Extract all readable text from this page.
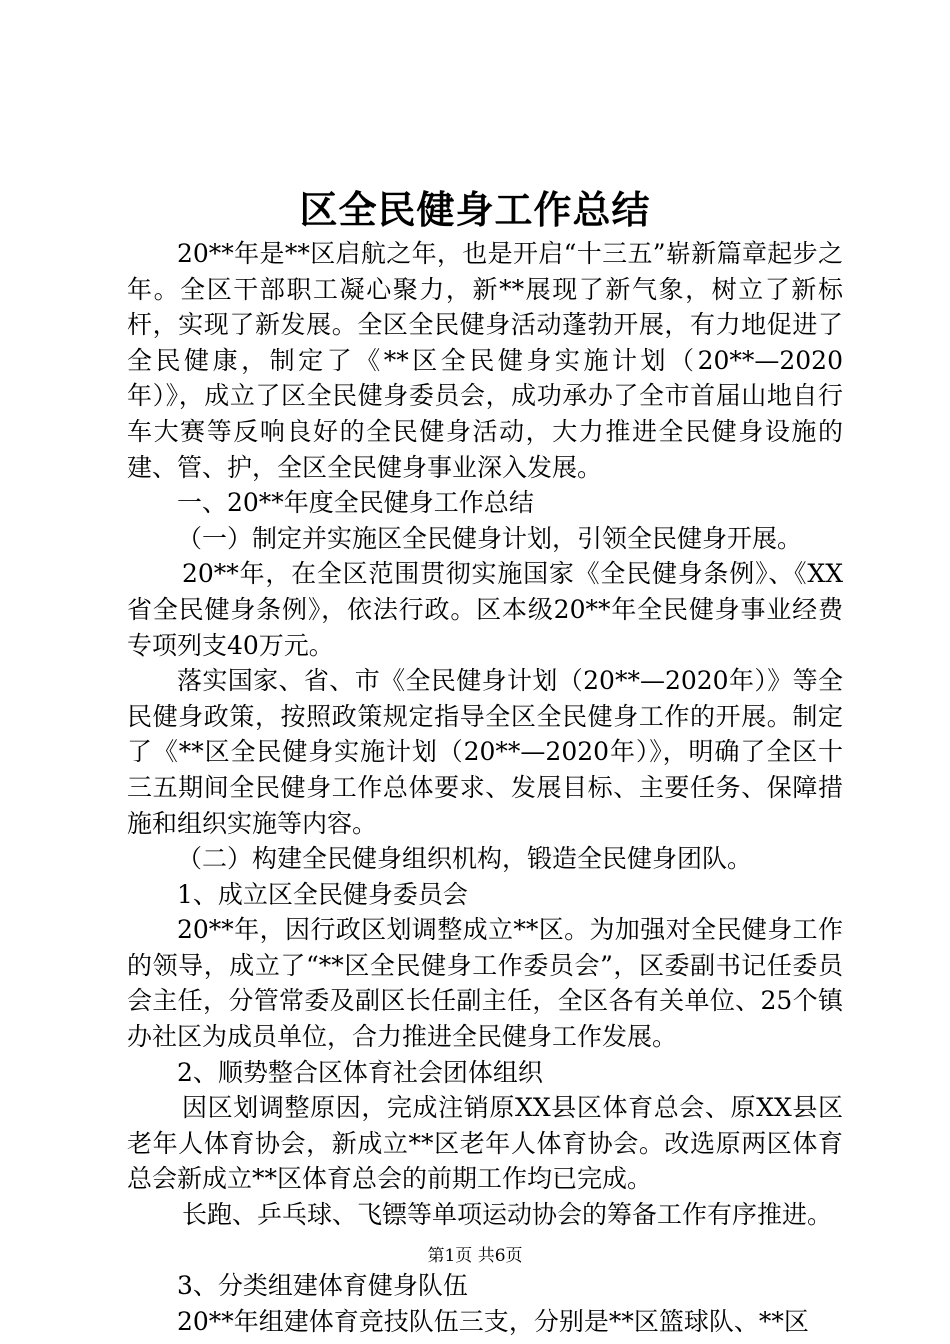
区全民健身工作总结

20**年是**区启航之年，也是开启“十三五”崭新篇章起步之年。全区干部职工凝心聚力，新**展现了新气象，树立了新标杆，实现了新发展。全区全民健身活动蓬勃开展，有力地促进了全民健康，制定了《**区全民健身实施计划（20**—2020年）》，成立了区全民健身委员会，成功承办了全市首届山地自行车大赛等反响良好的全民健身活动，大力推进全民健身设施的建、管、护，全区全民健身事业深入发展。

一、20**年度全民健身工作总结

（一）制定并实施区全民健身计划，引领全民健身开展。

20**年，在全区范围贯彻实施国家《全民健身条例》、《XX省全民健身条例》，依法行政。区本级20**年全民健身事业经费专项列支40万元。

落实国家、省、市《全民健身计划（20**—2020年）》等全民健身政策，按照政策规定指导全区全民健身工作的开展。制定了《**区全民健身实施计划（20**—2020年）》，明确了全区十三五期间全民健身工作总体要求、发展目标、主要任务、保障措施和组织实施等内容。

（二）构建全民健身组织机构，锻造全民健身团队。

1、成立区全民健身委员会

20**年，因行政区划调整成立**区。为加强对全民健身工作的领导，成立了“**区全民健身工作委员会”，区委副书记任委员会主任，分管常委及副区长任副主任，全区各有关单位、25个镇办社区为成员单位，合力推进全民健身工作发展。

2、顺势整合区体育社会团体组织

因区划调整原因，完成注销原XX县区体育总会、原XX县区老年人体育协会，新成立**区老年人体育协会。改选原两区体育总会新成立**区体育总会的前期工作均已完成。

长跑、乒乓球、飞镖等单项运动协会的筹备工作有序推进。

3、分类组建体育健身队伍

20**年组建体育竞技队伍三支，分别是**区篮球队、**区

第1页 共6页
